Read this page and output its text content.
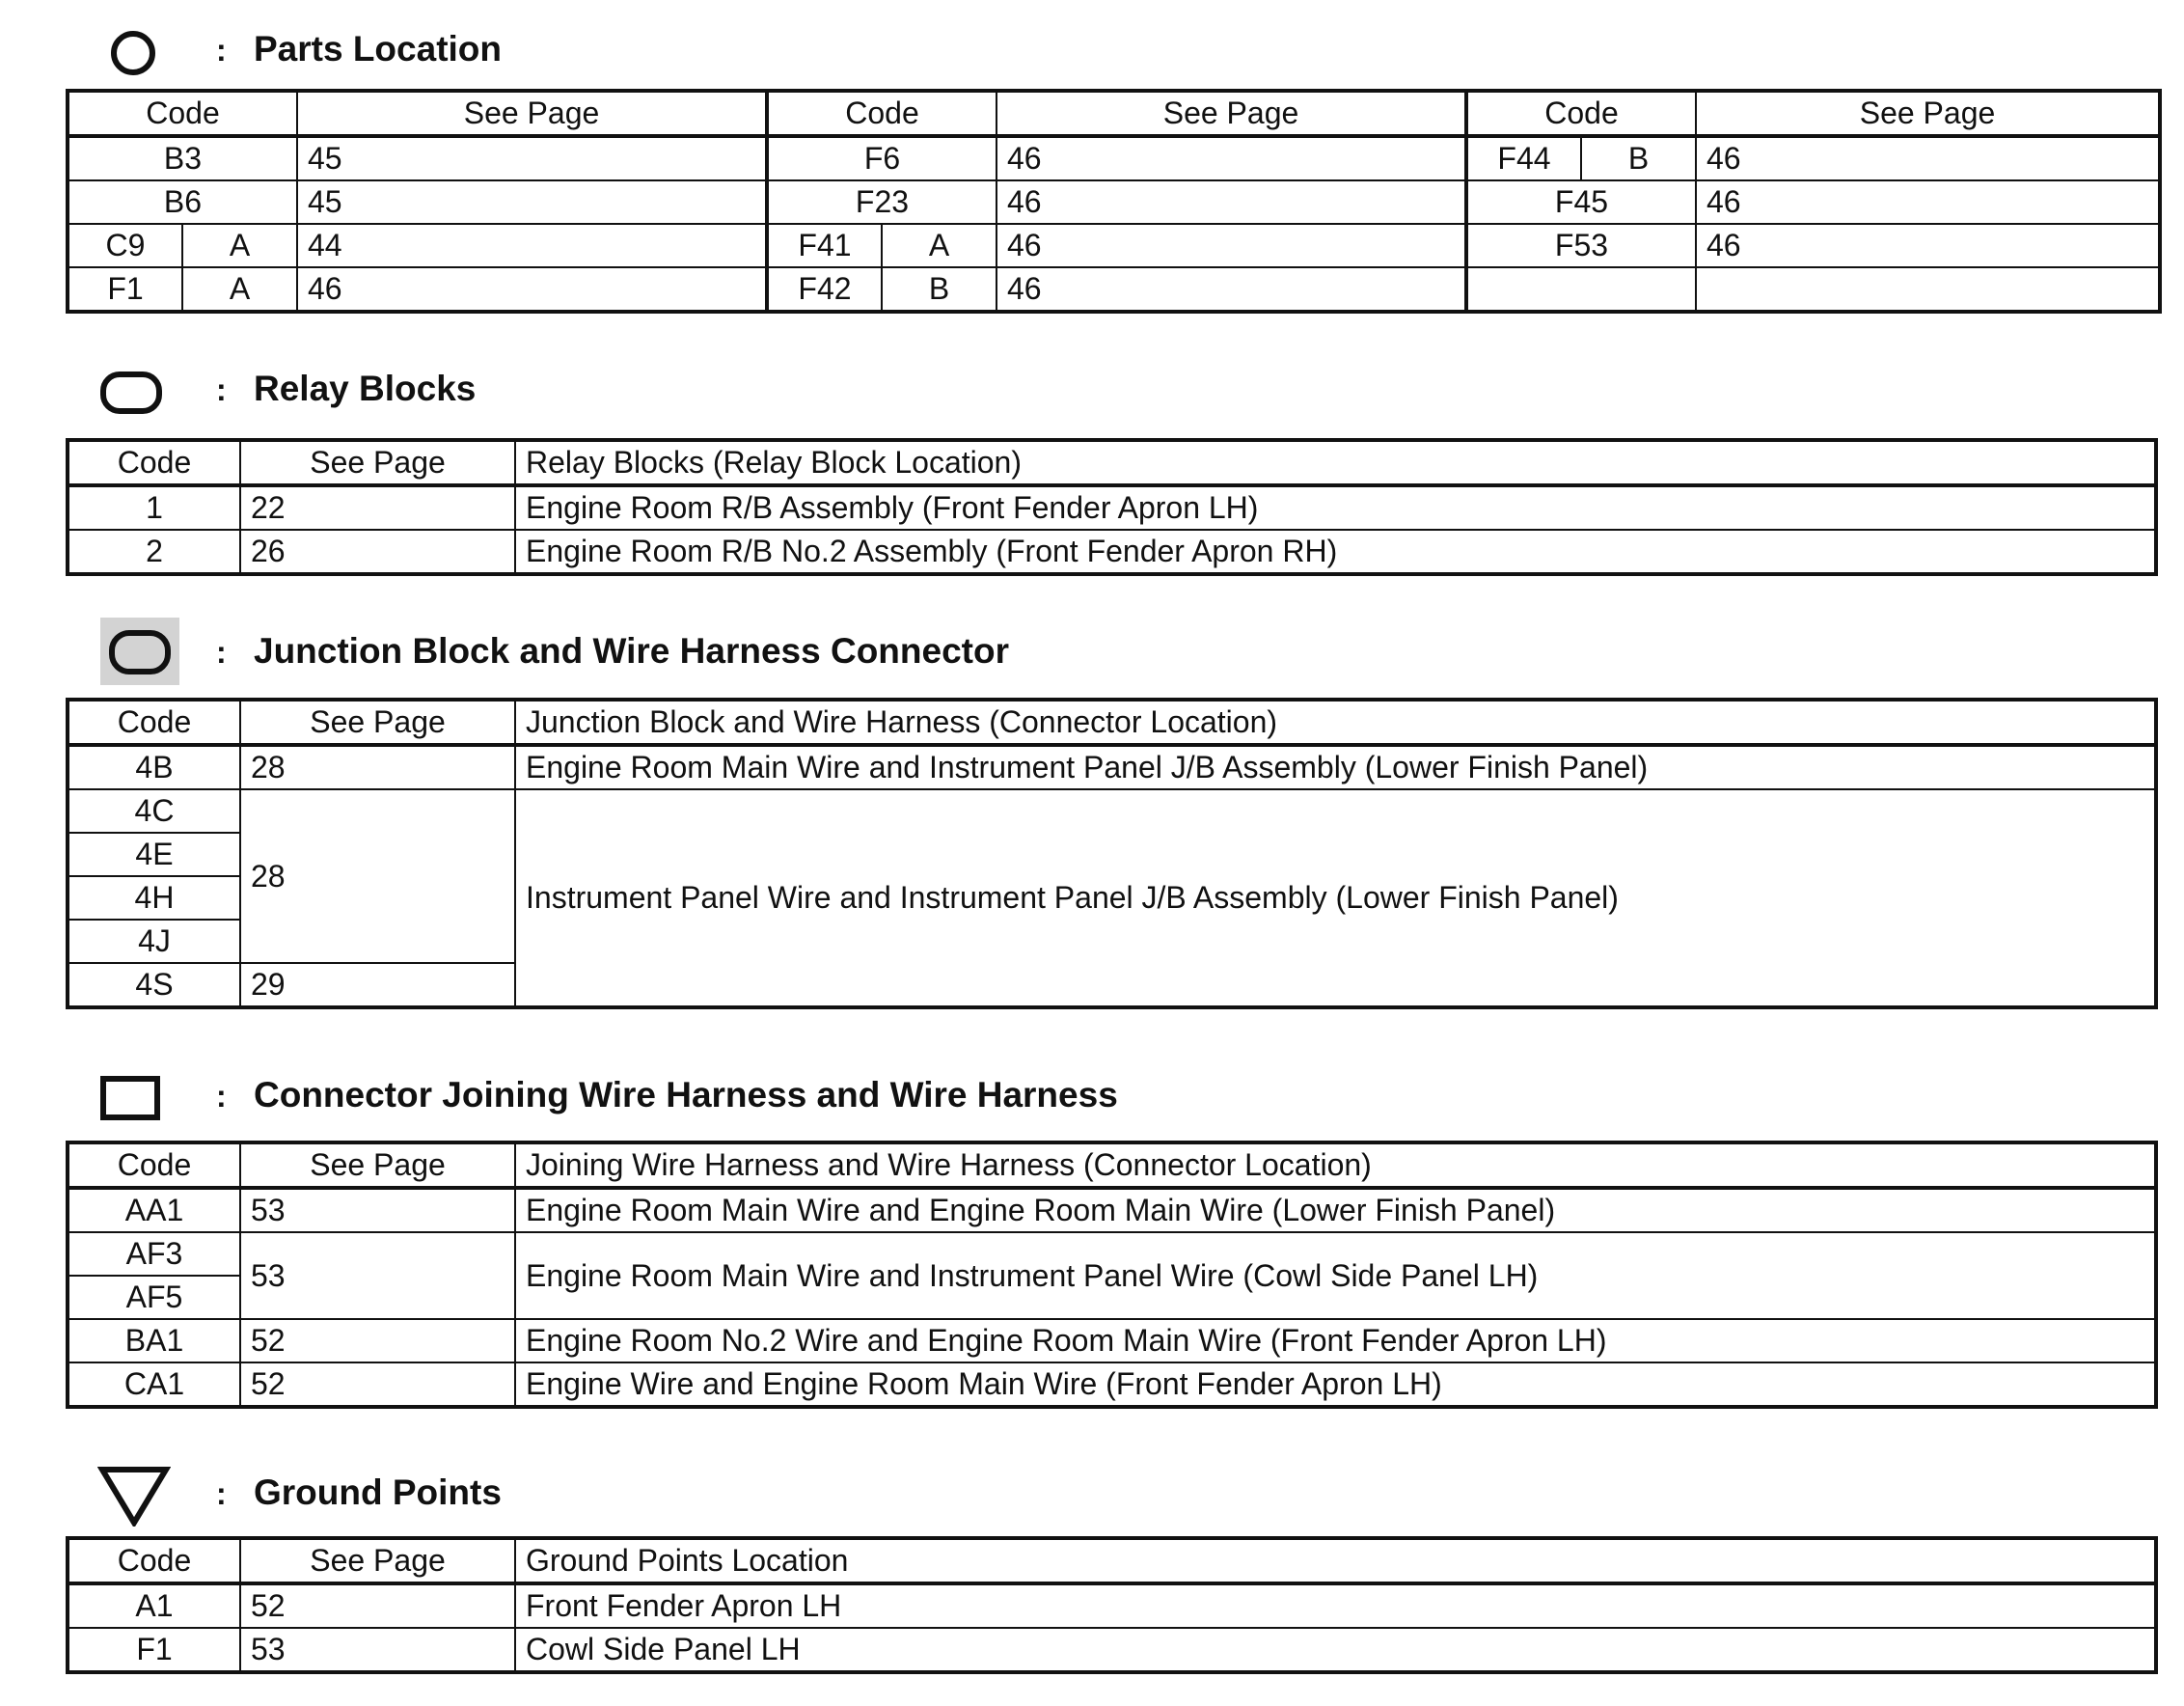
: Parts Location
Code		See Page	Code		See Page	Code		See Page
B3		45	F6		46	F44	B	46
B6		45	F23		46	F45		46
C9	A	44	F41	A	46	F53		46
F1	A	46	F42	B	46			
: Relay Blocks
Code	See Page	Relay Blocks (Relay Block Location)
1	22	Engine Room R/B Assembly (Front Fender Apron LH)
2	26	Engine Room R/B No.2 Assembly (Front Fender Apron RH)
: Junction Block and Wire Harness Connector
Code	See Page	Junction Block and Wire Harness (Connector Location)
4B	28	Engine Room Main Wire and Instrument Panel J/B Assembly (Lower Finish Panel)
4C	28	Instrument Panel Wire and Instrument Panel J/B Assembly (Lower Finish Panel)
4E		
4H		
4J		
4S	29	
: Connector Joining Wire Harness and Wire Harness
Code	See Page	Joining Wire Harness and Wire Harness (Connector Location)
AA1	53	Engine Room Main Wire and Engine Room Main Wire (Lower Finish Panel)
AF3	53	Engine Room Main Wire and Instrument Panel Wire (Cowl Side Panel LH)
AF5		
BA1	52	Engine Room No.2 Wire and Engine Room Main Wire (Front Fender Apron LH)
CA1	52	Engine Wire and Engine Room Main Wire (Front Fender Apron LH)
: Ground Points
Code	See Page	Ground Points Location
A1	52	Front Fender Apron LH
F1	53	Cowl Side Panel LH
